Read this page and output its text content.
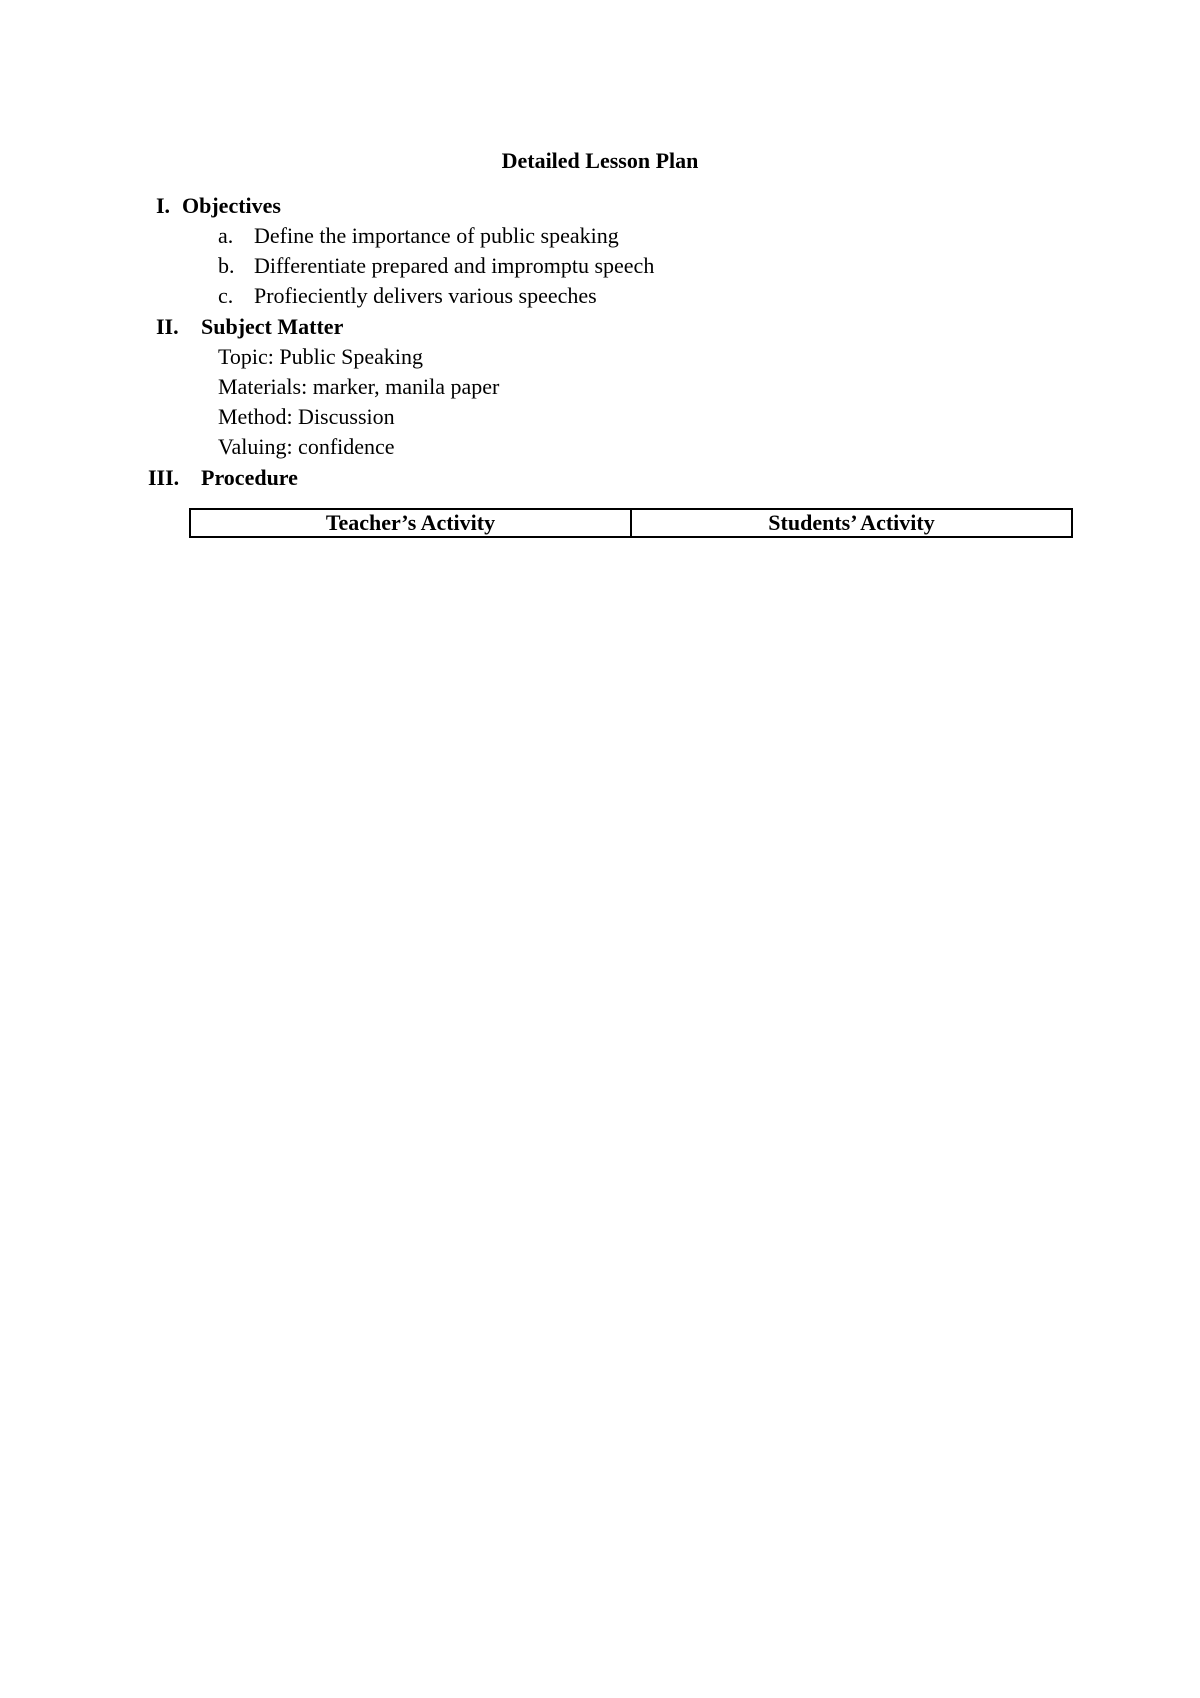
Detailed Lesson Plan
I. Objectives
a. Define the importance of public speaking
b. Differentiate prepared and impromptu speech
c. Profieciently delivers various speeches
II. Subject Matter
Topic: Public Speaking
Materials: marker, manila paper
Method: Discussion
Valuing: confidence
III. Procedure
Teacher’s Activity	Students’ Activity
